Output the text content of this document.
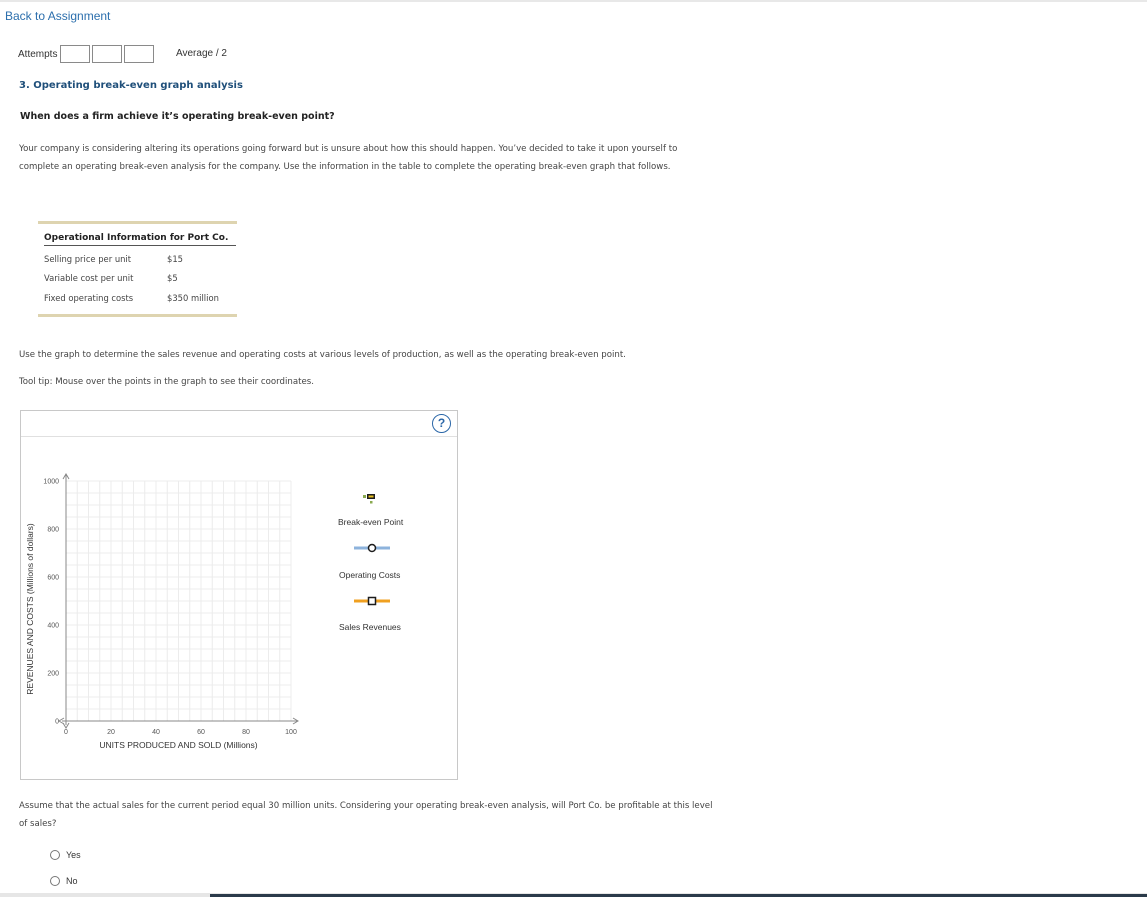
Back to Assignment
Attempts	Average / 2
3. Operating break-even graph analysis
When does a firm achieve it’s operating break-even point?
Your company is considering altering its operations going forward but is unsure about how this should happen. You’ve decided to take it upon yourself to complete an operating break-even analysis for the company. Use the information in the table to complete the operating break-even graph that follows.
Operational Information for Port Co.
Selling price per unit	$15
Variable cost per unit	$5
Fixed operating costs	$350 million
Use the graph to determine the sales revenue and operating costs at various levels of production, as well as the operating break-even point.
Tool tip: Mouse over the points in the graph to see their coordinates.
?
0	20	40	60	80	100
0
200
400
600
800
1000
UNITS PRODUCED AND SOLD (Millions)
REVENUES AND COSTS (Millions of dollars)
Break-even Point
Operating Costs
Sales Revenues
Assume that the actual sales for the current period equal 30 million units. Considering your operating break-even analysis, will Port Co. be profitable at this level of sales?
Yes
No
